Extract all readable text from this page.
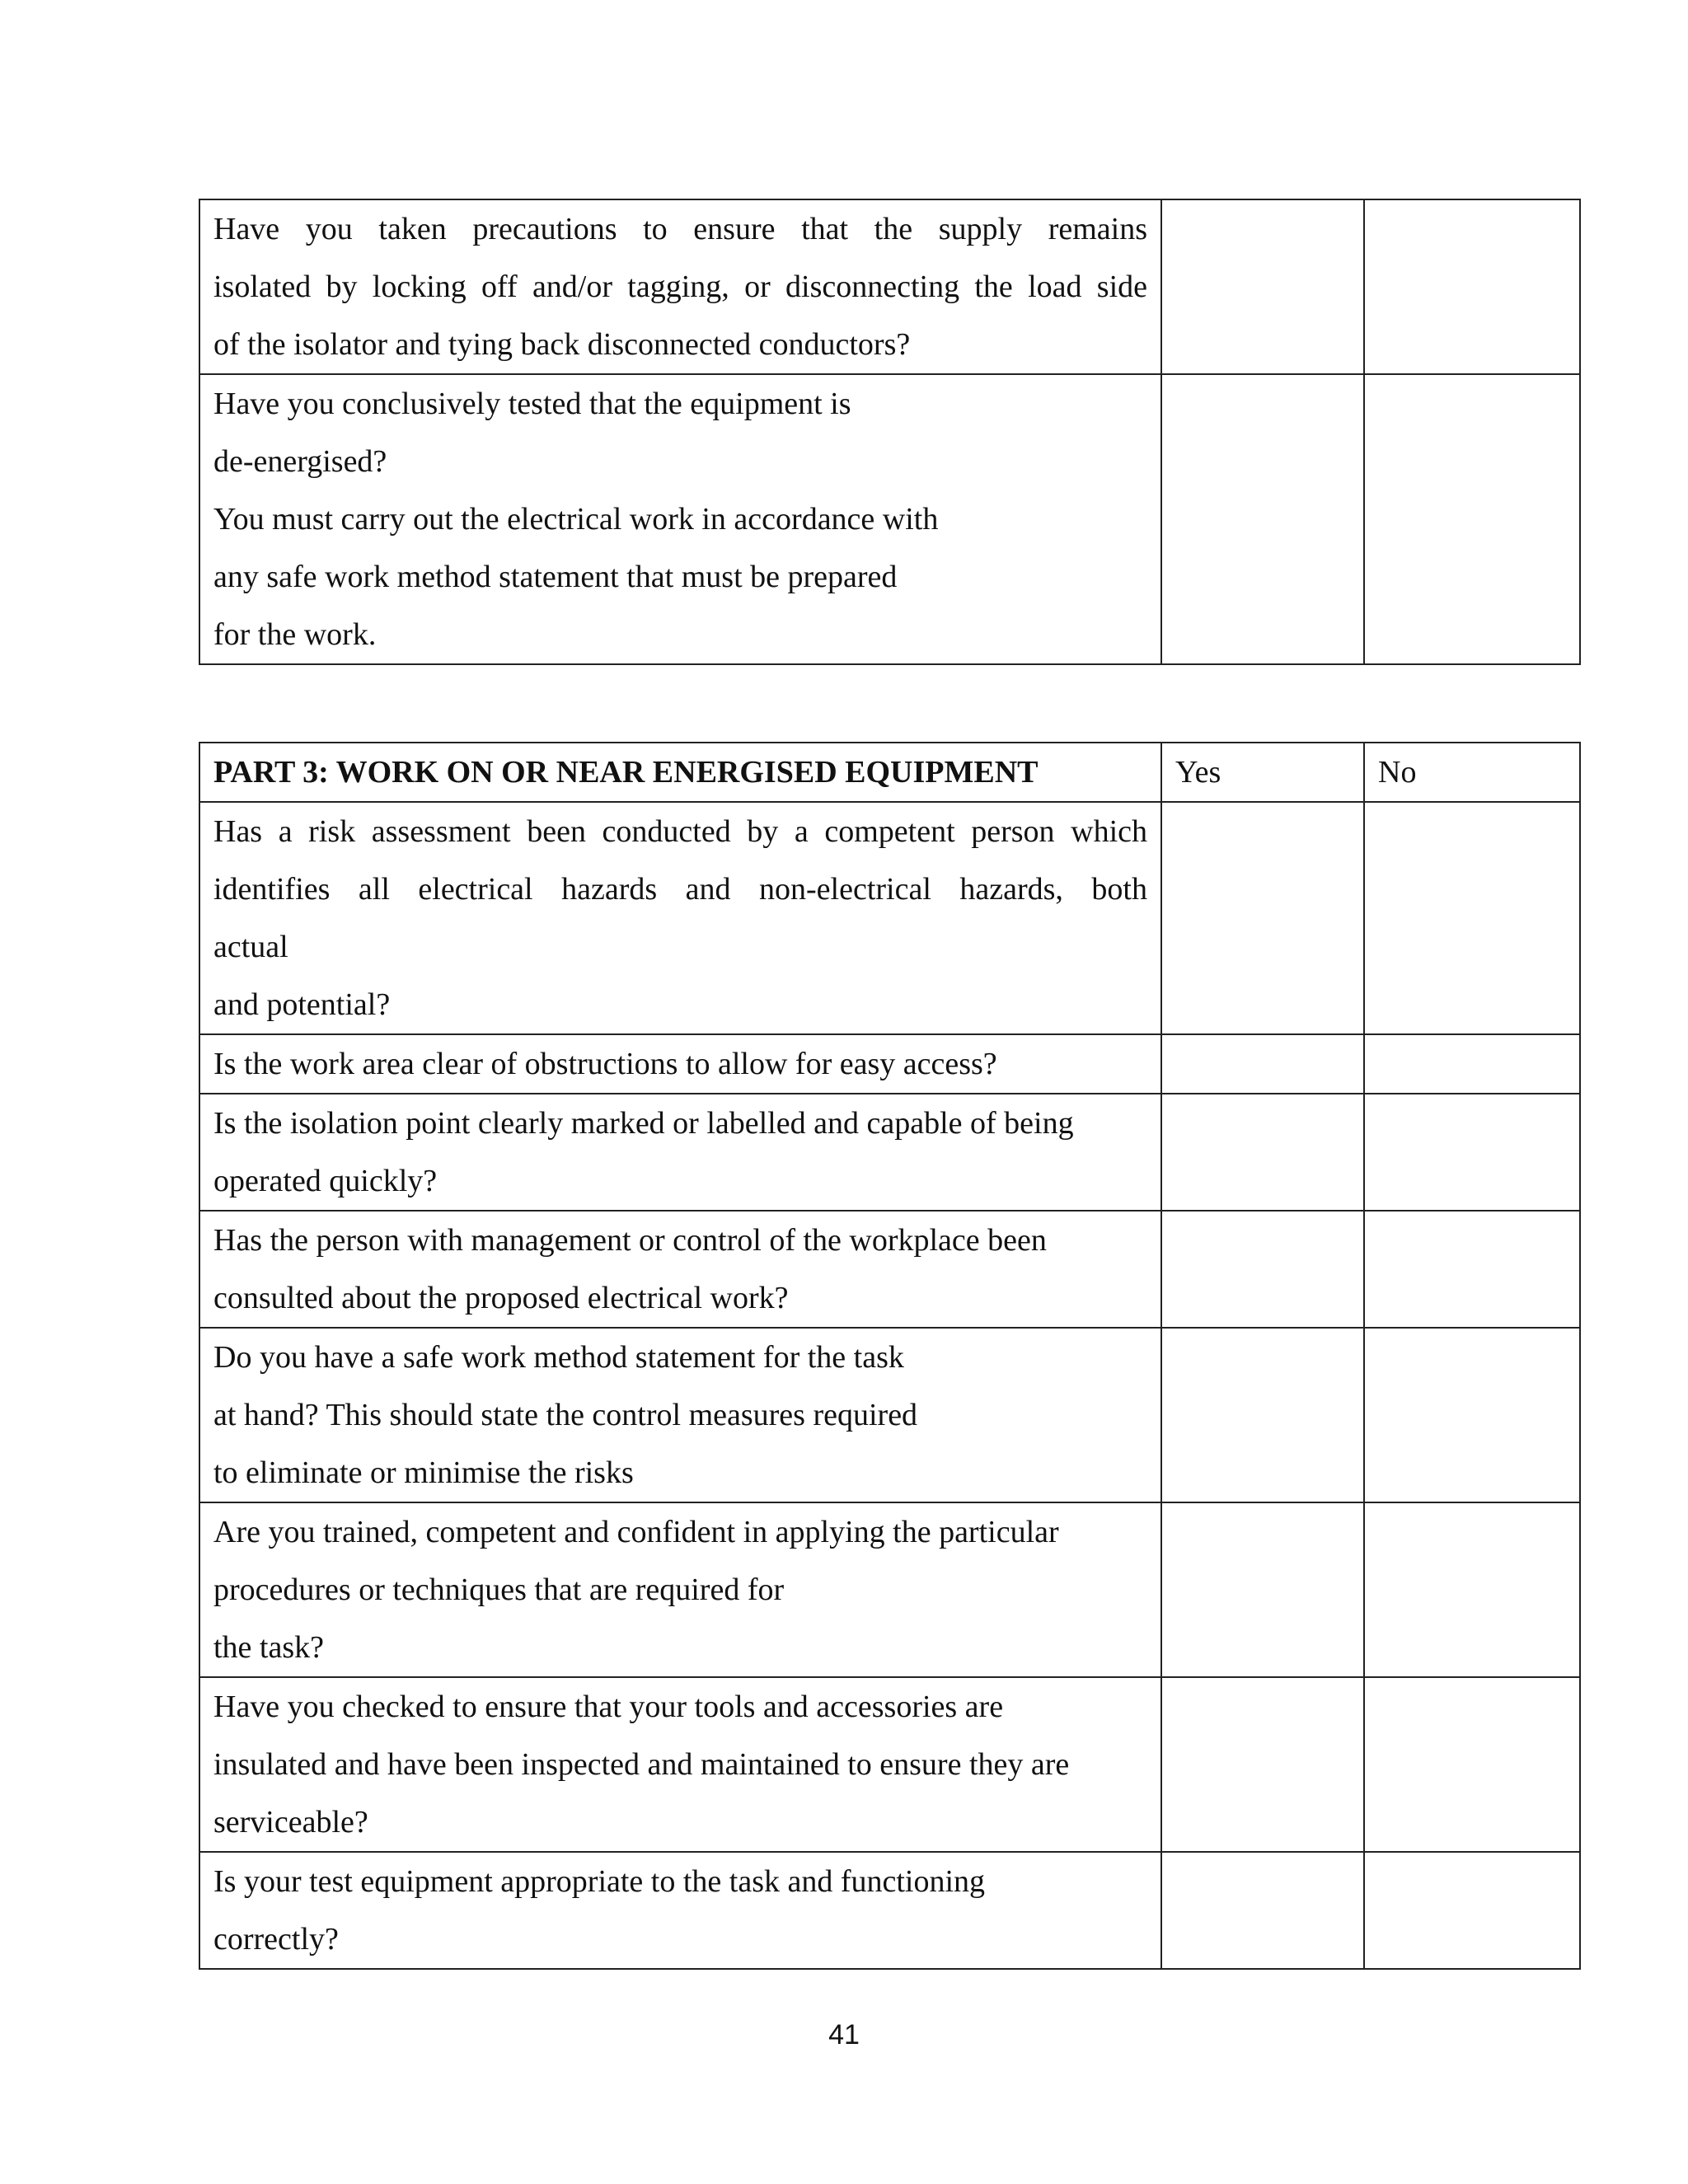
Have you taken precautions to ensure that the supply remains
isolated by locking off and/or tagging, or disconnecting the load side
of the isolator and tying back disconnected conductors?		

Have you conclusively tested that the equipment is
de-energised?
You must carry out the electrical work in accordance with
any safe work method statement that must be prepared
for the work.		

PART 3: WORK ON OR NEAR ENERGISED EQUIPMENT	Yes	No

Has a risk assessment been conducted by a competent person which
identifies all electrical hazards and non-electrical hazards, both
actual
and potential?		

Is the work area clear of obstructions to allow for easy access?		

Is the isolation point clearly marked or labelled and capable of being
operated quickly?		

Has the person with management or control of the workplace been
consulted about the proposed electrical work?		

Do you have a safe work method statement for the task
at hand? This should state the control measures required
to eliminate or minimise the risks		

Are you trained, competent and confident in applying the particular
procedures or techniques that are required for
the task?		

Have you checked to ensure that your tools and accessories are
insulated and have been inspected and maintained to ensure they are
serviceable?		

Is your test equipment appropriate to the task and functioning
correctly?		

41
